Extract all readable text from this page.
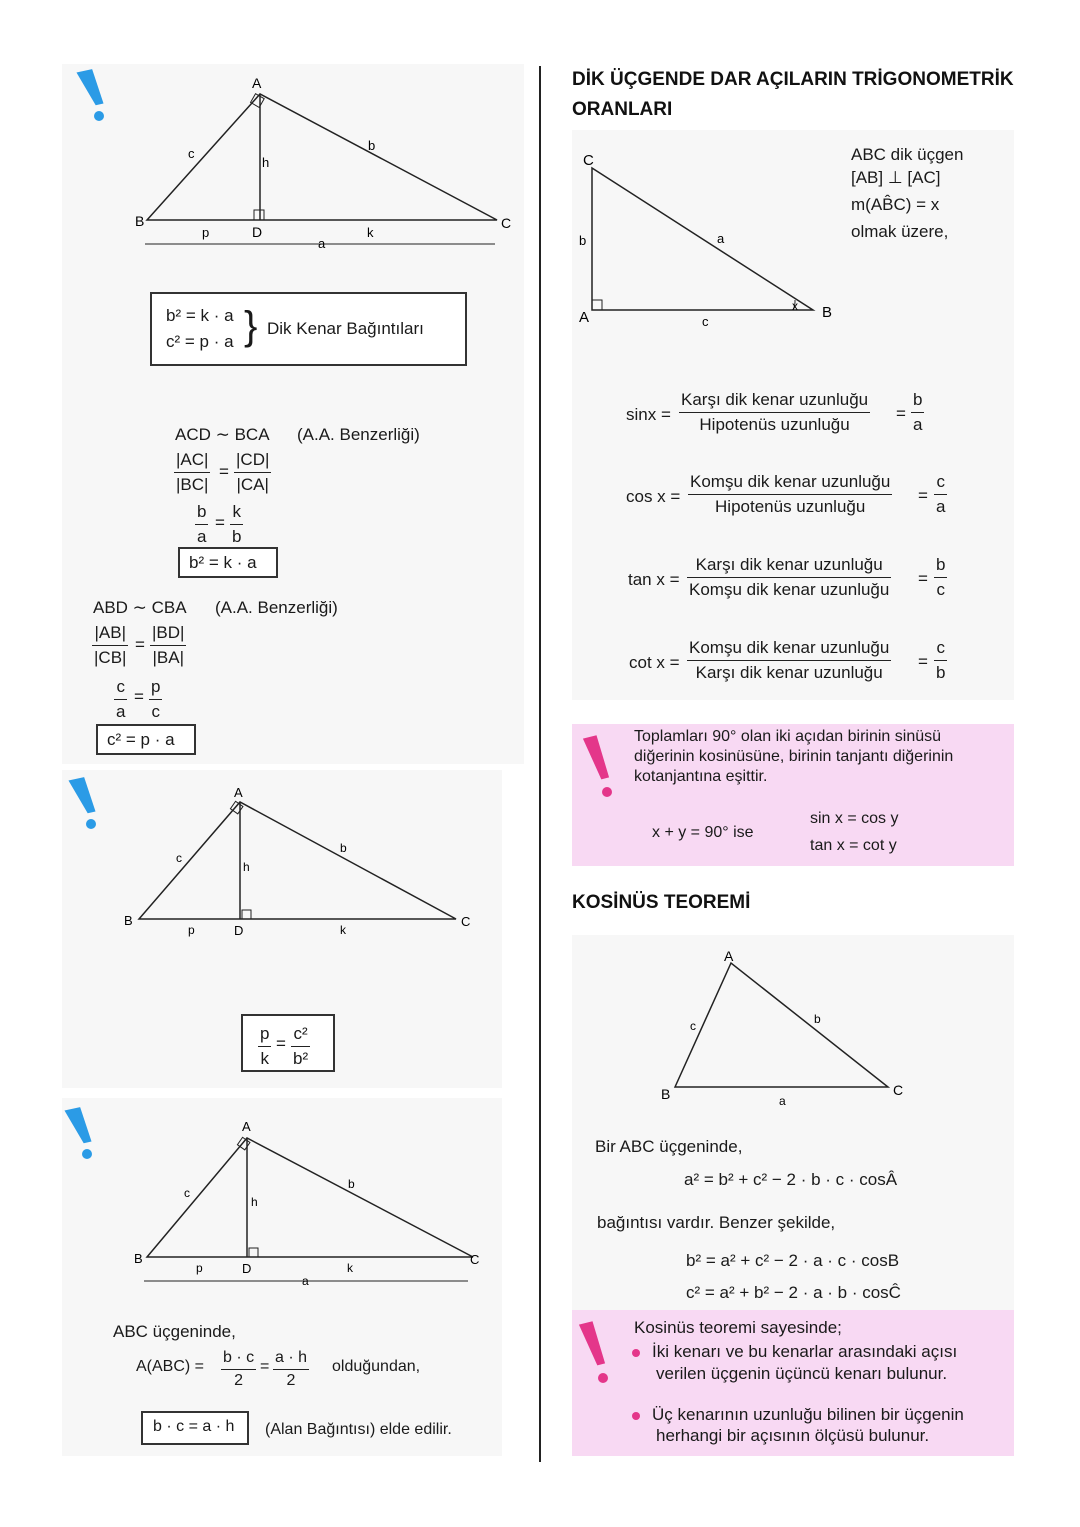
A
B	C
D
b
c
h
p	k
a
b² = k · a
c² = p · a } Dik Kenar Bağıntıları
ACD ∼ BCA (A.A. Benzerliği)
|AC|
|BC|
=
|CD|
|CA|
b
a
=
k
b
b² = k · a
ABD ∼ CBA (A.A. Benzerliği)
|AB|
|CB|
=
|BD|
|BA|
c
a
=
p
c
c² = p · a
A
B	C
D
b
c
h
p	k
p
k
=
c²
b²
A
B	C
D
b
c
h
p	k
a
ABC üçgeninde,
A(ABC) =
b · c
2
=
a · h
2
olduğundan,
b · c = a · h (Alan Bağıntısı) elde edilir.
DİK ÜÇGENDE DAR AÇILARIN TRİGONOMETRİK
ORANLARI
C
A	B
a
b
c
x
ABC dik üçgen
[AB] ⊥ [AC]
m(AB̂C) = x
olmak üzere,
sinx =
Karşı dik kenar uzunluğu
Hipotenüs uzunluğu
=
b
a
cos x =
Komşu dik kenar uzunluğu
Hipotenüs uzunluğu
=
c
a
tan x =
Karşı dik kenar uzunluğu
Komşu dik kenar uzunluğu
=
b
c
cot x =
Komşu dik kenar uzunluğu
Karşı dik kenar uzunluğu
=
c
b
Toplamları 90° olan iki açıdan birinin sinüsü
diğerinin kosinüsüne, birinin tanjantı diğerinin
kotanjantına eşittir.
x + y = 90° ise
sin x = cos y
tan x = cot y
KOSİNÜS TEOREMİ
A
B	C
a
b
c
Bir ABC üçgeninde,
a² = b² + c² − 2 · b · c · cosÂ
bağıntısı vardır. Benzer şekilde,
b² = a² + c² − 2 · a · c · cosB
c² = a² + b² − 2 · a · b · cosĈ
Kosinüs teoremi sayesinde;
İki kenarı ve bu kenarlar arasındaki açısı
verilen üçgenin üçüncü kenarı bulunur.
Üç kenarının uzunluğu bilinen bir üçgenin
herhangi bir açısının ölçüsü bulunur.
